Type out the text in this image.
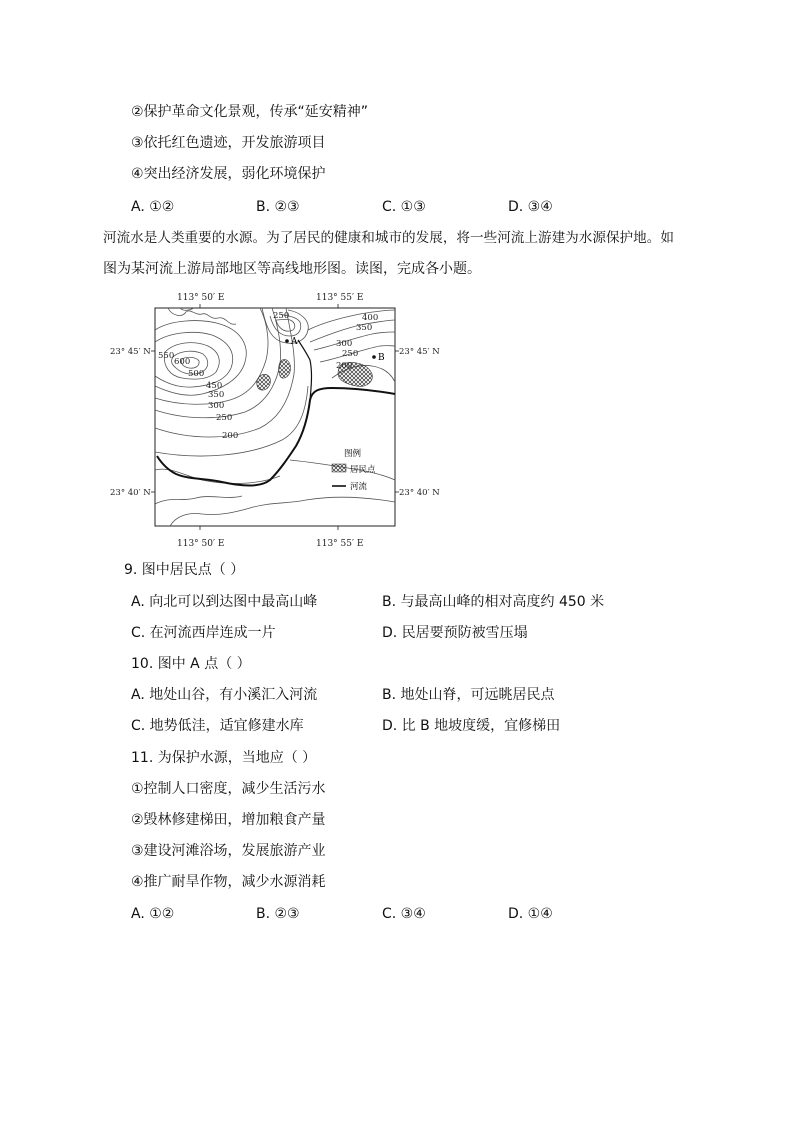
②保护革命文化景观，传承“延安精神”
③依托红色遗迹，开发旅游项目
④突出经济发展，弱化环境保护
A. ①②	B. ②③	C. ①③	D. ③④
河流水是人类重要的水源。为了居民的健康和城市的发展，将一些河流上游建为水源保护地。如
图为某河流上游局部地区等高线地形图。读图，完成各小题。
113° 50′ E	113° 55′ E
113° 50′ E	113° 55′ E
23° 45′ N	23° 45′ N
23° 40′ N	23° 40′ N
250	400
350
300
250
200
550
600
500
450
350
300
250
200
A
B
图例
居民点
河流
9. 图中居民点（ ）
A. 向北可以到达图中最高山峰	B. 与最高山峰的相对高度约 450 米
C. 在河流西岸连成一片	D. 民居要预防被雪压塌
10. 图中 A 点（ ）
A. 地处山谷，有小溪汇入河流	B. 地处山脊，可远眺居民点
C. 地势低洼，适宜修建水库	D. 比 B 地坡度缓，宜修梯田
11. 为保护水源，当地应（ ）
①控制人口密度，减少生活污水
②毁林修建梯田，增加粮食产量
③建设河滩浴场，发展旅游产业
④推广耐旱作物，减少水源消耗
A. ①②	B. ②③	C. ③④	D. ①④
